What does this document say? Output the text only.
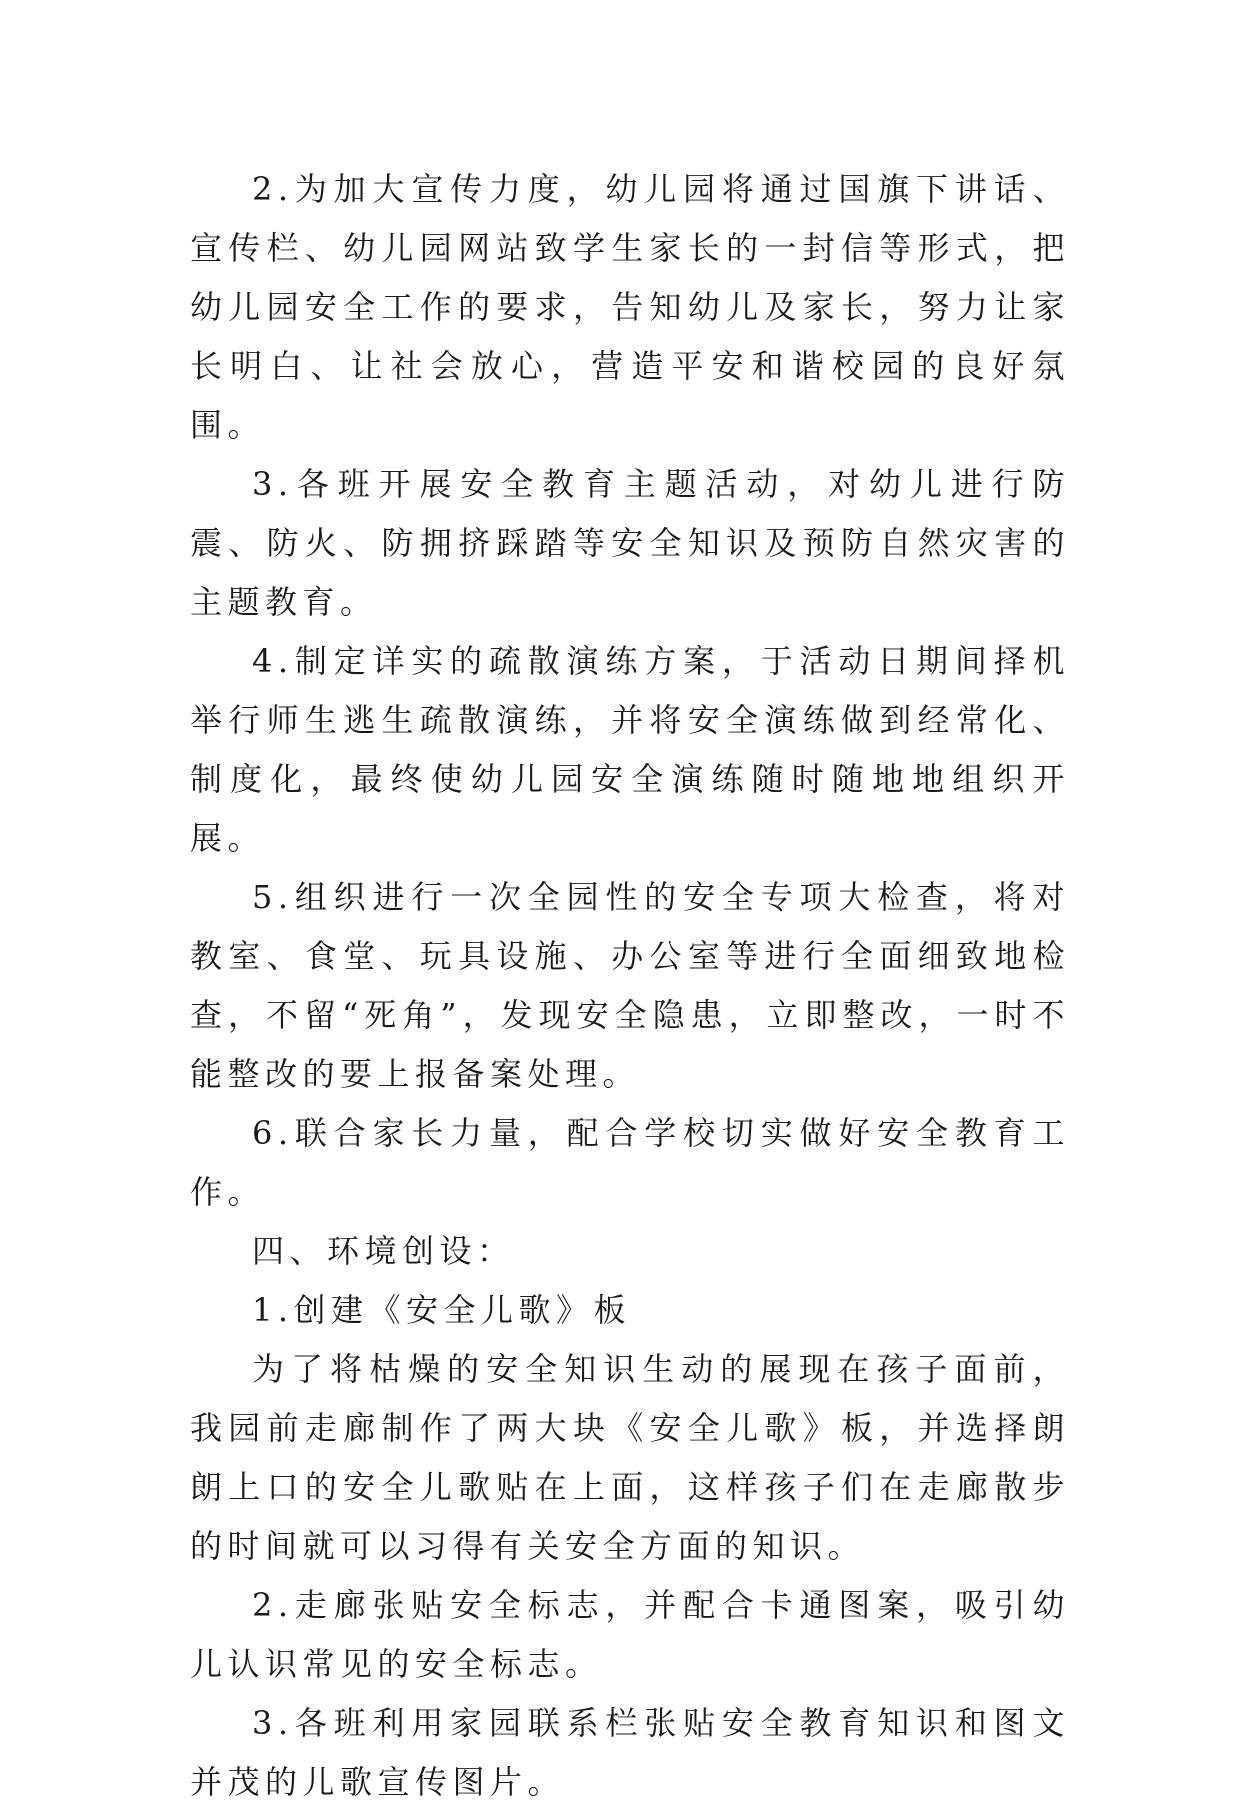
2.为加大宣传力度，幼儿园将通过国旗下讲话、宣传栏、幼儿园网站致学生家长的一封信等形式，把幼儿园安全工作的要求，告知幼儿及家长，努力让家长明白、让社会放心，营造平安和谐校园的良好氛围。

3.各班开展安全教育主题活动，对幼儿进行防震、防火、防拥挤踩踏等安全知识及预防自然灾害的主题教育。

4.制定详实的疏散演练方案，于活动日期间择机举行师生逃生疏散演练，并将安全演练做到经常化、制度化，最终使幼儿园安全演练随时随地地组织开展。

5.组织进行一次全园性的安全专项大检查，将对教室、食堂、玩具设施、办公室等进行全面细致地检查，不留“死角”，发现安全隐患，立即整改，一时不能整改的要上报备案处理。

6.联合家长力量，配合学校切实做好安全教育工作。

四、环境创设：

1.创建《安全儿歌》板

为了将枯燥的安全知识生动的展现在孩子面前，我园前走廊制作了两大块《安全儿歌》板，并选择朗朗上口的安全儿歌贴在上面，这样孩子们在走廊散步的时间就可以习得有关安全方面的知识。

2.走廊张贴安全标志，并配合卡通图案，吸引幼儿认识常见的安全标志。

3.各班利用家园联系栏张贴安全教育知识和图文并茂的儿歌宣传图片。
